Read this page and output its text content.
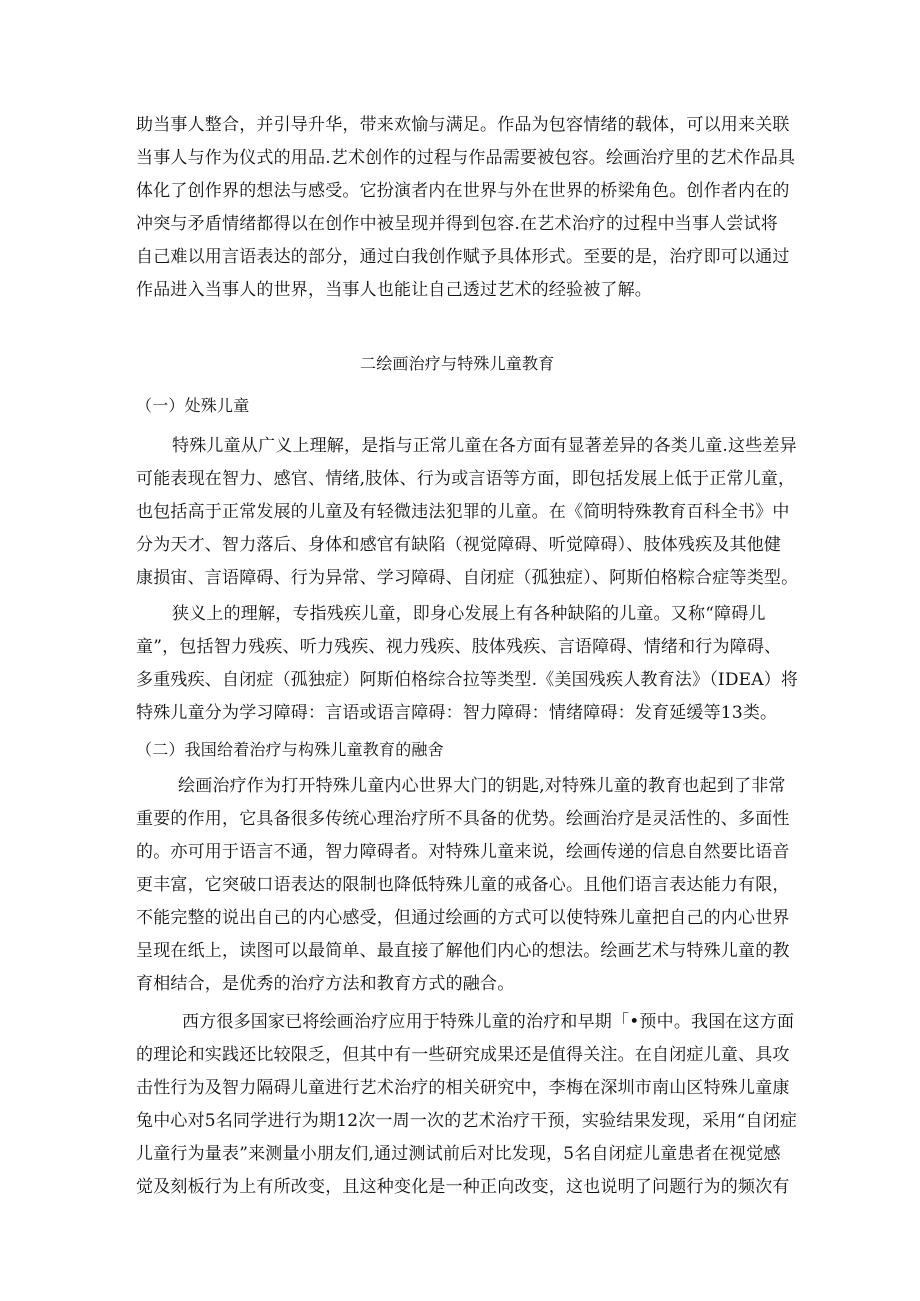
助当事人整合，并引导升华，带来欢愉与满足。作品为包容情绪的载体，可以用来关联
当事人与作为仪式的用品.艺术创作的过程与作品需要被包容。绘画治疗里的艺术作品具
体化了创作界的想法与感受。它扮演者内在世界与外在世界的桥梁角色。创作者内在的
冲突与矛盾情绪都得以在创作中被呈现并得到包容.在艺术治疗的过程中当事人尝试将
自己难以用言语表达的部分，通过白我创作赋予具体形式。至要的是，治疗即可以通过
作品进入当事人的世界，当事人也能让自己透过艺术的经验被了解。
二绘画治疗与特殊儿童教育
（一）处殊儿童
特殊儿童从广义上理解，是指与正常儿童在各方面有显著差异的各类儿童.这些差异
可能表现在智力、感官、情绪,肢体、行为或言语等方面，即包括发展上低于正常儿童，
也包括高于正常发展的儿童及有轻微违法犯罪的儿童。在《简明特殊教育百科全书》中
分为天才、智力落后、身体和感官有缺陷（视觉障碍、听觉障碍）、肢体残疾及其他健
康损宙、言语障碍、行为异常、学习障碍、自闭症（孤独症）、阿斯伯格粽合症等类型。
狭义上的理解，专指残疾儿童，即身心发展上有各种缺陷的儿童。又称“障碍儿
童”，包括智力残疾、听力残疾、视力残疾、肢体残疾、言语障碍、情绪和行为障碍、
多重残疾、自闭症（孤独症）阿斯伯格综合拉等类型.《美国残疾人教育法》（IDEA）将
特殊儿童分为学习障碍：言语或语言障碍：智力障碍：情绪障碍：发育延缓等13类。
（二）我国给着治疗与构殊儿童教育的融舍
绘画治疗作为打开特殊儿童内心世界大门的钥匙,对特殊儿童的教育也起到了非常
重要的作用，它具备很多传统心理治疗所不具备的优势。绘画治疗是灵活性的、多面性
的。亦可用于语言不通，智力障碍者。对特殊儿童来说，绘画传递的信息自然要比语音
更丰富，它突破口语表达的限制也降低特殊儿童的戒备心。且他们语言表达能力有限，
不能完整的说出自己的内心感受，但通过绘画的方式可以使特殊儿童把自己的内心世界
呈现在纸上，读图可以最简单、最直接了解他们内心的想法。绘画艺术与特殊儿童的教
育相结合，是优秀的治疗方法和教育方式的融合。
西方很多国家已将绘画治疗应用于特殊儿童的治疗和早期「•预中。我国在这方面
的理论和实践还比较限乏，但其中有一些研究成果还是值得关注。在自闭症儿童、具攻
击性行为及智力隔碍儿童进行艺术治疗的相关研究中，李梅在深圳市南山区特殊儿童康
兔中心对5名同学进行为期12次一周一次的艺术治疗干预，实验结果发现，采用“自闭症
儿童行为量表”来测量小朋友们,通过测试前后对比发现，5名自闭症儿童患者在视觉感
觉及刻板行为上有所改变，且这种变化是一种正向改变，这也说明了问题行为的频次有
